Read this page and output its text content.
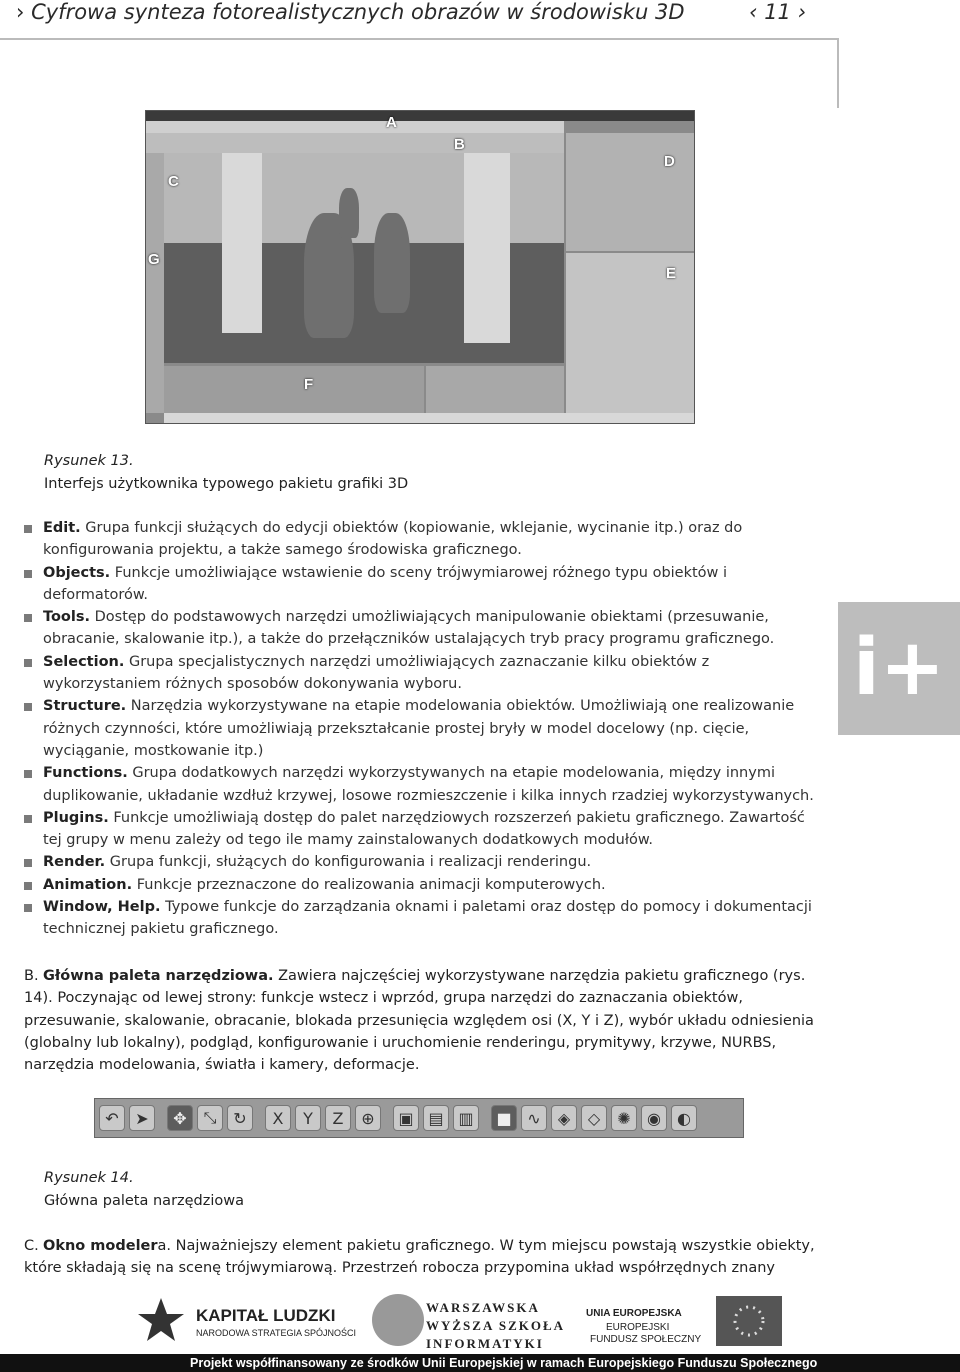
› Cyfrowa synteza fotorealistycznych obrazów w środowisku 3D	‹ 11 ›
A
B
C
D
E
F
G
Rysunek 13.
Interfejs użytkownika typowego pakietu grafiki 3D
Edit. Grupa funkcji służących do edycji obiektów (kopiowanie, wklejanie, wycinanie itp.) oraz do konfigurowania projektu, a także samego środowiska graficznego.
Objects. Funkcje umożliwiające wstawienie do sceny trójwymiarowej różnego typu obiektów i deformatorów.
Tools. Dostęp do podstawowych narzędzi umożliwiających manipulowanie obiektami (przesuwanie, obracanie, skalowanie itp.), a także do przełączników ustalających tryb pracy programu graficznego.
Selection. Grupa specjalistycznych narzędzi umożliwiających zaznaczanie kilku obiektów z wykorzystaniem różnych sposobów dokonywania wyboru.
Structure. Narzędzia wykorzystywane na etapie modelowania obiektów. Umożliwiają one realizowanie różnych czynności, które umożliwiają przekształcanie prostej bryły w model docelowy (np. cięcie, wyciąganie, mostkowanie itp.)
Functions. Grupa dodatkowych narzędzi wykorzystywanych na etapie modelowania, między innymi duplikowanie, układanie wzdłuż krzywej, losowe rozmieszczenie i kilka innych rzadziej wykorzystywanych.
Plugins. Funkcje umożliwiają dostęp do palet narzędziowych rozszerzeń pakietu graficznego. Zawartość tej grupy w menu zależy od tego ile mamy zainstalowanych dodatkowych modułów.
Render. Grupa funkcji, służących do konfigurowania i realizacji renderingu.
Animation. Funkcje przeznaczone do realizowania animacji komputerowych.
Window, Help. Typowe funkcje do zarządzania oknami i paletami oraz dostęp do pomocy i dokumentacji technicznej pakietu graficznego.
i+
B. Główna paleta narzędziowa. Zawiera najczęściej wykorzystywane narzędzia pakietu graficznego (rys. 14). Poczynając od lewej strony: funkcje wstecz i wprzód, grupa narzędzi do zaznaczania obiektów, przesuwanie, skalowanie, obracanie, blokada przesunięcia względem osi (X, Y i Z), wybór układu odniesienia (globalny lub lokalny), podgląd, konfigurowanie i uruchomienie renderingu, prymitywy, krzywe, NURBS, narzędzia modelowania, światła i kamery, deformacje.
↶	➤	✥	⤡	↻	X	Y	Z	⊕	▣ ▤ ▥	■ ∿	◈	◇	✺	◉	◐
Rysunek 14.
Główna paleta narzędziowa
C. Okno modelera. Najważniejszy element pakietu graficznego. W tym miejscu powstają wszystkie obiekty, które składają się na scenę trójwymiarową. Przestrzeń robocza przypomina układ współrzędnych znany
KAPITAŁ LUDZKI
NARODOWA STRATEGIA SPÓJNOŚCI
WARSZAWSKA
WYŻSZA SZKOŁA
INFORMATYKI
UNIA EUROPEJSKA
EUROPEJSKI
FUNDUSZ SPOŁECZNY
Projekt współfinansowany ze środków Unii Europejskiej w ramach Europejskiego Funduszu Społecznego
